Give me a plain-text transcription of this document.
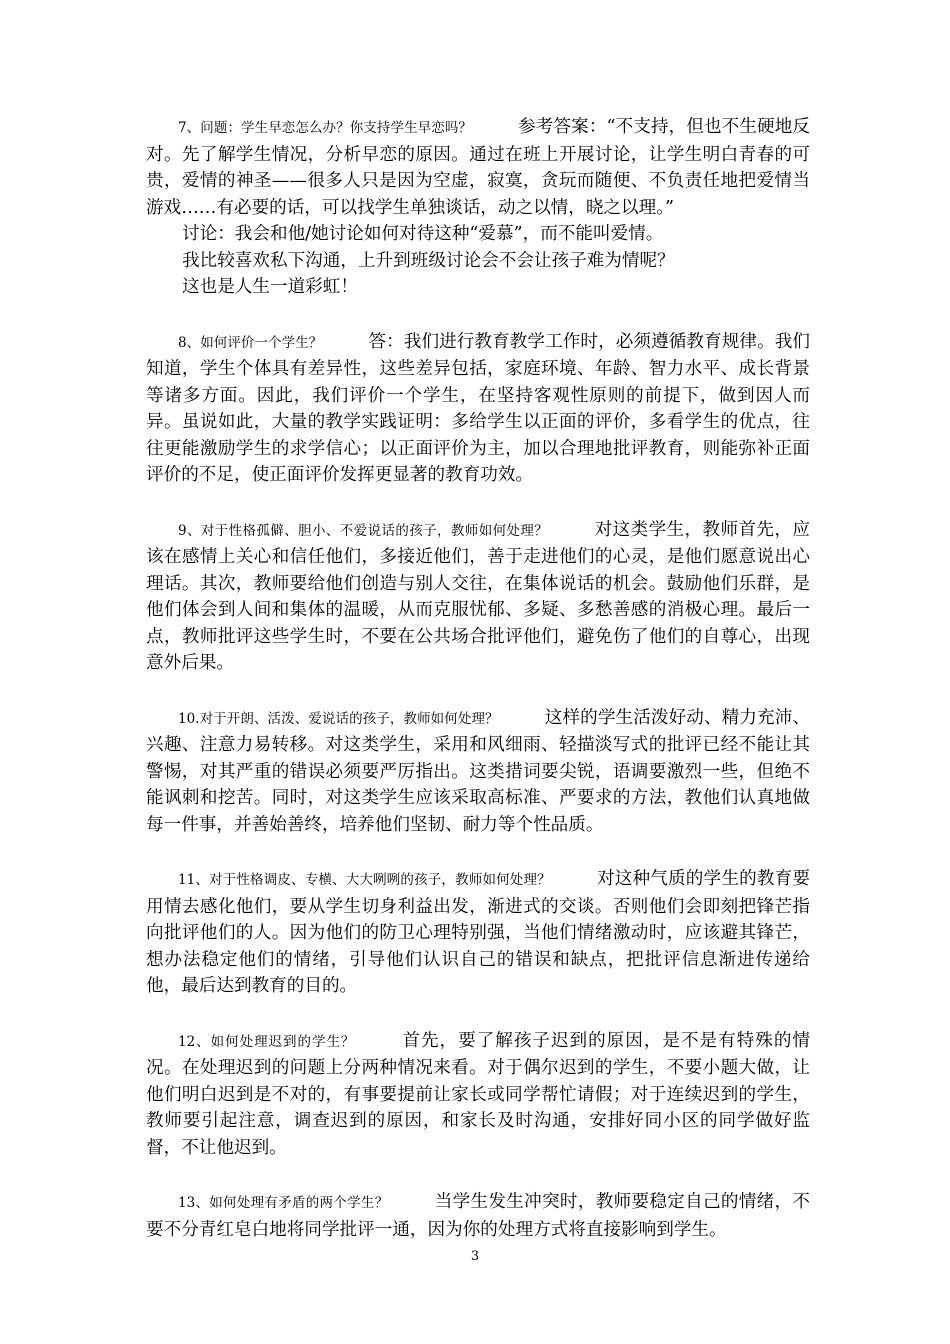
7、问题：学生早恋怎么办？你支持学生早恋吗？	参考答案：“不支持，但也不生硬地反对。先了解学生情况，分析早恋的原因。通过在班上开展讨论，让学生明白青春的可贵，爱情的神圣——很多人只是因为空虚，寂寞，贪玩而随便、不负责任地把爱情当游戏……有必要的话，可以找学生单独谈话，动之以情，晓之以理。”

讨论：我会和他/她讨论如何对待这种“爱慕”，而不能叫爱情。

我比较喜欢私下沟通，上升到班级讨论会不会让孩子难为情呢？

这也是人生一道彩虹！

8、如何评价一个学生？	答：我们进行教育教学工作时，必须遵循教育规律。我们知道，学生个体具有差异性，这些差异包括，家庭环境、年龄、智力水平、成长背景等诸多方面。因此，我们评价一个学生，在坚持客观性原则的前提下，做到因人而异。虽说如此，大量的教学实践证明：多给学生以正面的评价，多看学生的优点，往往更能激励学生的求学信心；以正面评价为主，加以合理地批评教育，则能弥补正面评价的不足，使正面评价发挥更显著的教育功效。

9、对于性格孤僻、胆小、不爱说话的孩子，教师如何处理？	对这类学生，教师首先，应该在感情上关心和信任他们，多接近他们，善于走进他们的心灵，是他们愿意说出心理话。其次，教师要给他们创造与别人交往，在集体说话的机会。鼓励他们乐群，是他们体会到人间和集体的温暖，从而克服忧郁、多疑、多愁善感的消极心理。最后一点，教师批评这些学生时，不要在公共场合批评他们，避免伤了他们的自尊心，出现意外后果。

10.对于开朗、活泼、爱说话的孩子，教师如何处理？	这样的学生活泼好动、精力充沛、兴趣、注意力易转移。对这类学生，采用和风细雨、轻描淡写式的批评已经不能让其警惕，对其严重的错误必须要严厉指出。这类措词要尖锐，语调要激烈一些，但绝不能讽刺和挖苦。同时，对这类学生应该采取高标准、严要求的方法，教他们认真地做每一件事，并善始善终，培养他们坚韧、耐力等个性品质。

11、对于性格调皮、专横、大大咧咧的孩子，教师如何处理？	对这种气质的学生的教育要用情去感化他们，要从学生切身利益出发，渐进式的交谈。否则他们会即刻把锋芒指向批评他们的人。因为他们的防卫心理特别强，当他们情绪激动时，应该避其锋芒，想办法稳定他们的情绪，引导他们认识自己的错误和缺点，把批评信息渐进传递给他，最后达到教育的目的。

12、如何处理迟到的学生？	首先，要了解孩子迟到的原因，是不是有特殊的情况。在处理迟到的问题上分两种情况来看。对于偶尔迟到的学生，不要小题大做，让他们明白迟到是不对的，有事要提前让家长或同学帮忙请假；对于连续迟到的学生，教师要引起注意，调查迟到的原因，和家长及时沟通，安排好同小区的同学做好监督，不让他迟到。

13、如何处理有矛盾的两个学生？	当学生发生冲突时，教师要稳定自己的情绪，不要不分青红皂白地将同学批评一通，因为你的处理方式将直接影响到学生。

3
